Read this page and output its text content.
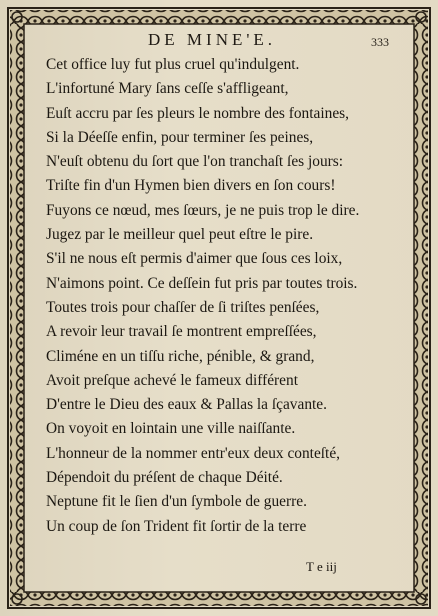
DE MINE'E.	333
Cet office luy fut plus cruel qu'indulgent.
L'infortuné Mary ſans ceſſe s'affligeant,
Euſt accru par ſes pleurs le nombre des fontaines,
Si la Déeſſe enfin, pour terminer ſes peines,
N'euſt obtenu du ſort que l'on tranchaſt ſes jours:
Triſte fin d'un Hymen bien divers en ſon cours!
Fuyons ce nœud, mes ſœurs, je ne puis trop le dire.
Jugez par le meilleur quel peut eſtre le pire.
S'il ne nous eſt permis d'aimer que ſous ces loix,
N'aimons point. Ce deſſein fut pris par toutes trois.
Toutes trois pour chaſſer de ſi triſtes penſées,
A revoir leur travail ſe montrent empreſſées,
Climéne en un tiſſu riche, pénible, & grand,
Avoit preſque achevé le fameux différent
D'entre le Dieu des eaux & Pallas la ſçavante.
On voyoit en lointain une ville naiſſante.
L'honneur de la nommer entr'eux deux conteſté,
Dépendoit du préſent de chaque Déité.
Neptune fit le ſien d'un ſymbole de guerre.
Un coup de ſon Trident fit ſortir de la terre
T e iij
